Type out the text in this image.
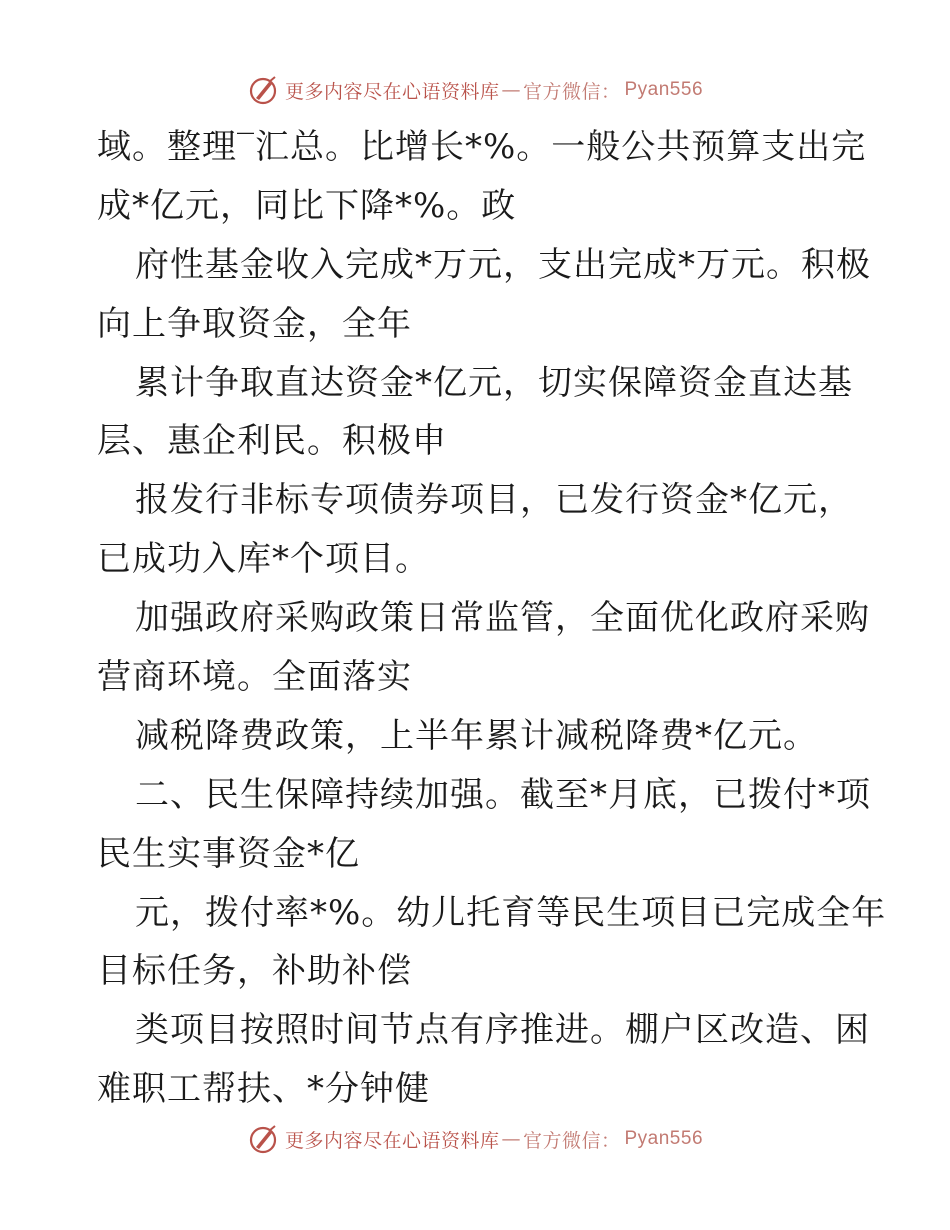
更多内容尽在心语资料库 — 官方微信： Pyan556
域。整理‾汇总。比增长*%。一般公共预算支出完
成*亿元，同比下降*%。政
府性基金收入完成*万元，支出完成*万元。积极
向上争取资金，全年
累计争取直达资金*亿元，切实保障资金直达基
层、惠企利民。积极申
报发行非标专项债券项目，已发行资金*亿元，
已成功入库*个项目。
加强政府采购政策日常监管，全面优化政府采购
营商环境。全面落实
减税降费政策，上半年累计减税降费*亿元。
二、民生保障持续加强。截至*月底，已拨付*项
民生实事资金*亿
元，拨付率*%。幼儿托育等民生项目已完成全年
目标任务，补助补偿
类项目按照时间节点有序推进。棚户区改造、困
难职工帮扶、*分钟健
更多内容尽在心语资料库 — 官方微信： Pyan556
